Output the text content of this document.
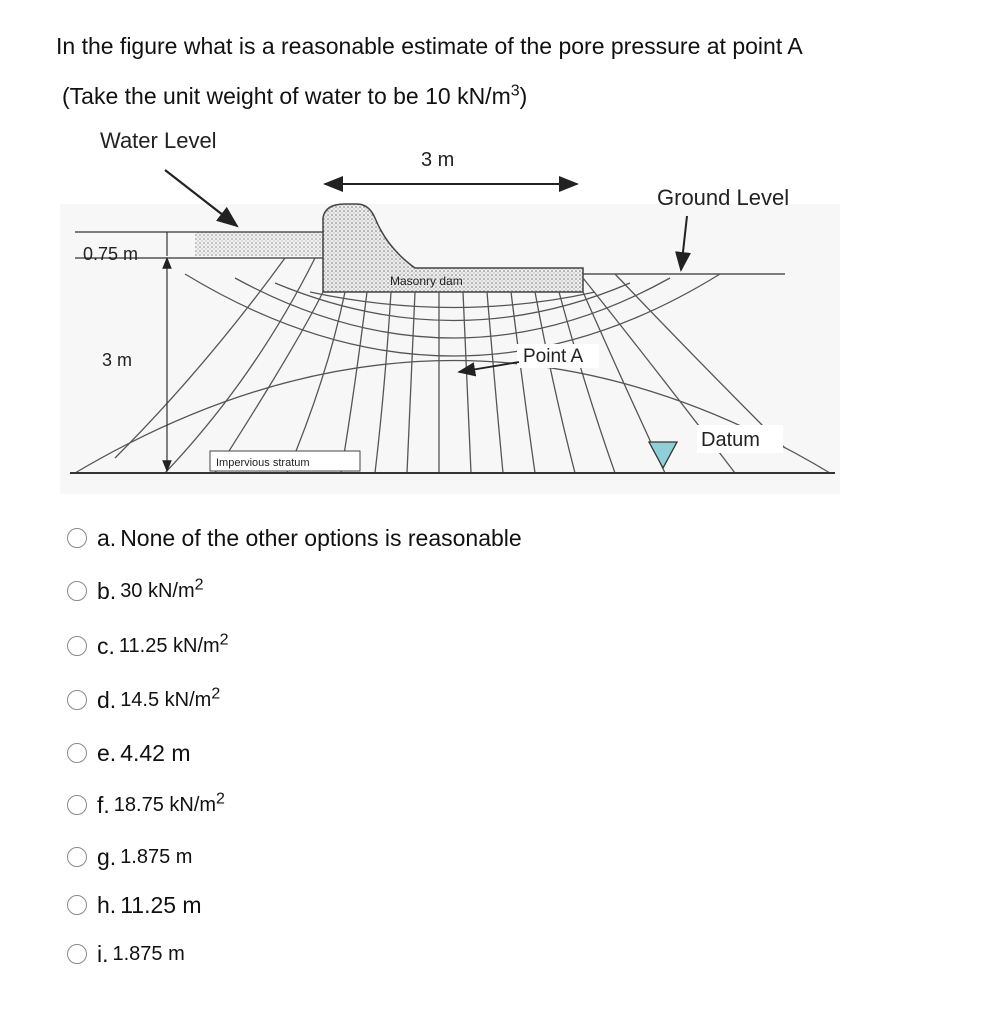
In the figure what is a reasonable estimate of the pore pressure at point A
(Take the unit weight of water to be 10 $kN/m^3$)
Impervious stratum
3 m
0.75 m
Water Level
3 m
Ground Level
Masonry dam
Point A
Datum
a. None of the other options is reasonable
b. 30 $kN/m^2$
c. 11.25 $kN/m^2$
d. 14.5 $kN/m^2$
e. 4.42 m
f. 18.75 $kN/m^2$
g. 1.875 m
h. 11.25 m
i. 1.875 m
